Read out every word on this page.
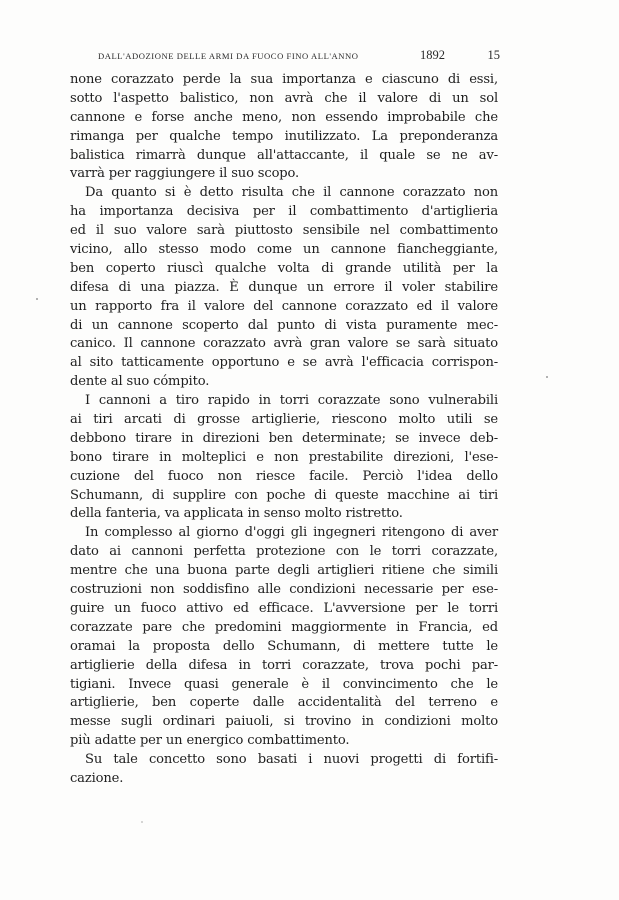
DALL'ADOZIONE DELLE ARMI DA FUOCO FINO ALL'ANNO	1892	15
none corazzato perde la sua importanza e ciascuno di essi,
sotto l'aspetto balistico, non avrà che il valore di un sol
cannone e forse anche meno, non essendo improbabile che
rimanga per qualche tempo inutilizzato. La preponderanza
balistica rimarrà dunque all'attaccante, il quale se ne av-
varrà per raggiungere il suo scopo.
Da quanto si è detto risulta che il cannone corazzato non
ha importanza decisiva per il combattimento d'artiglieria
ed il suo valore sarà piuttosto sensibile nel combattimento
vicino, allo stesso modo come un cannone fiancheggiante,
ben coperto riuscì qualche volta di grande utilità per la
difesa di una piazza. È dunque un errore il voler stabilire
un rapporto fra il valore del cannone corazzato ed il valore
di un cannone scoperto dal punto di vista puramente mec-
canico. Il cannone corazzato avrà gran valore se sarà situato
al sito tatticamente opportuno e se avrà l'efficacia corrispon-
dente al suo cómpito.
I cannoni a tiro rapido in torri corazzate sono vulnerabili
ai tiri arcati di grosse artiglierie, riescono molto utili se
debbono tirare in direzioni ben determinate; se invece deb-
bono tirare in molteplici e non prestabilite direzioni, l'ese-
cuzione del fuoco non riesce facile. Perciò l'idea dello
Schumann, di supplire con poche di queste macchine ai tiri
della fanteria, va applicata in senso molto ristretto.
In complesso al giorno d'oggi gli ingegneri ritengono di aver
dato ai cannoni perfetta protezione con le torri corazzate,
mentre che una buona parte degli artiglieri ritiene che simili
costruzioni non soddisfino alle condizioni necessarie per ese-
guire un fuoco attivo ed efficace. L'avversione per le torri
corazzate pare che predomini maggiormente in Francia, ed
oramai la proposta dello Schumann, di mettere tutte le
artiglierie della difesa in torri corazzate, trova pochi par-
tigiani. Invece quasi generale è il convincimento che le
artiglierie, ben coperte dalle accidentalità del terreno e
messe sugli ordinari paiuoli, si trovino in condizioni molto
più adatte per un energico combattimento.
Su tale concetto sono basati i nuovi progetti di fortifi-
cazione.
